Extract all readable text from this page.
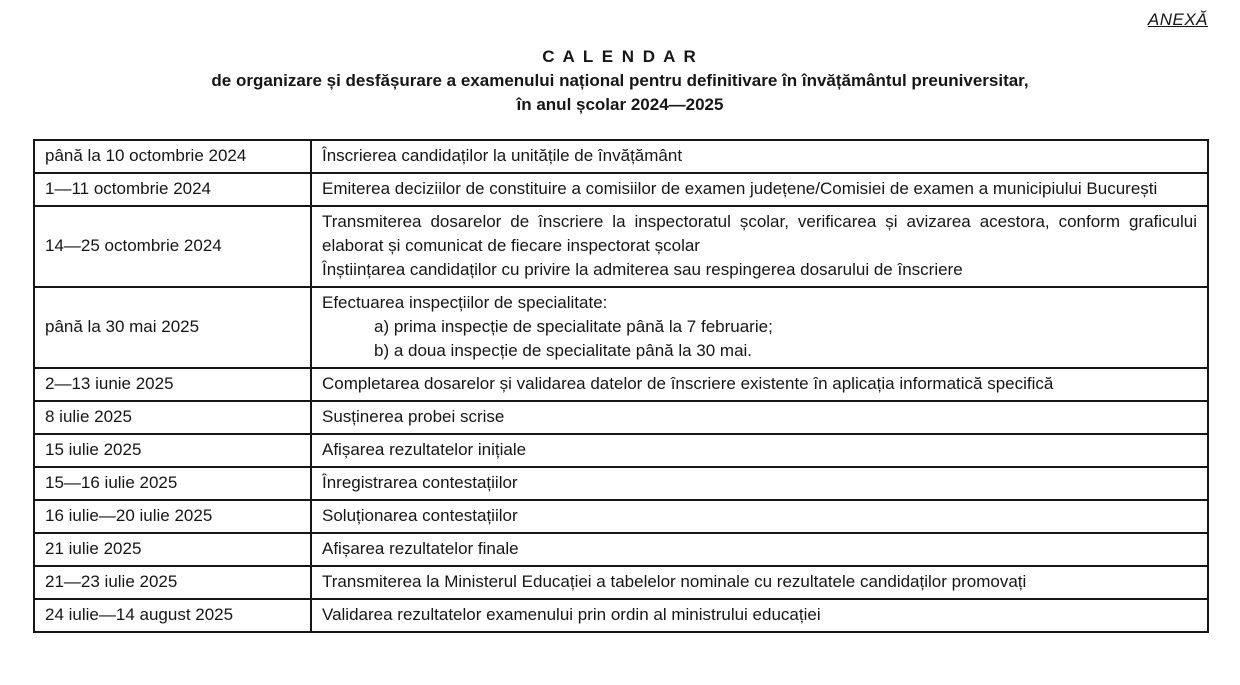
ANEXĂ
C A L E N D A R
de organizare și desfășurare a examenului național pentru definitivare în învățământul preuniversitar,
în anul școlar 2024—2025
până la 10 octombrie 2024	Înscrierea candidaților la unitățile de învățământ

1—11 octombrie 2024	Emiterea deciziilor de constituire a comisiilor de examen județene/Comisiei de examen a municipiului București

14—25 octombrie 2024	Transmiterea dosarelor de înscriere la inspectoratul școlar, verificarea și avizarea acestora, conform graficului elaborat și comunicat de fiecare inspectorat școlar
Înștiințarea candidaților cu privire la admiterea sau respingerea dosarului de înscriere

până la 30 mai 2025	Efectuarea inspecțiilor de specialitate:
a) prima inspecție de specialitate până la 7 februarie;
b) a doua inspecție de specialitate până la 30 mai.

2—13 iunie 2025	Completarea dosarelor și validarea datelor de înscriere existente în aplicația informatică specifică

8 iulie 2025	Susținerea probei scrise

15 iulie 2025	Afișarea rezultatelor inițiale

15—16 iulie 2025	Înregistrarea contestațiilor

16 iulie—20 iulie 2025	Soluționarea contestațiilor

21 iulie 2025	Afișarea rezultatelor finale

21—23 iulie 2025	Transmiterea la Ministerul Educației a tabelelor nominale cu rezultatele candidaților promovați

24 iulie—14 august 2025	Validarea rezultatelor examenului prin ordin al ministrului educației
